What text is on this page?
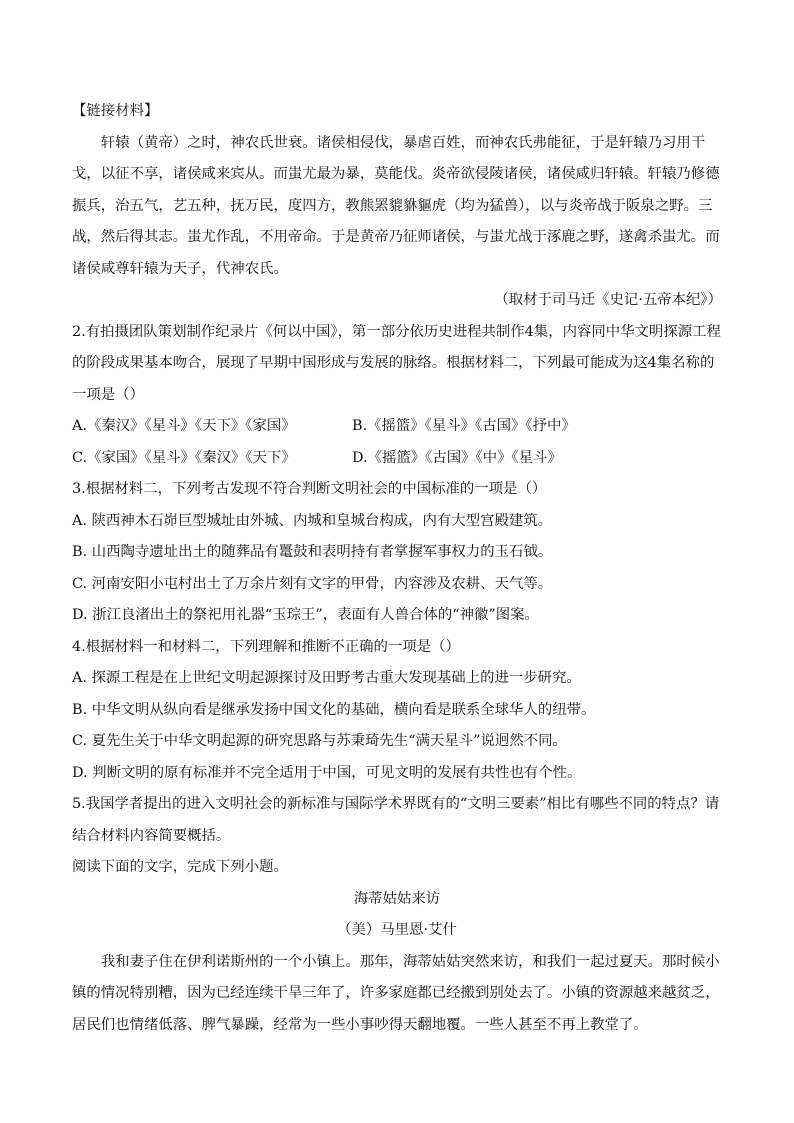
【链接材料】

轩辕（黄帝）之时，神农氏世衰。诸侯相侵伐，暴虐百姓，而神农氏弗能征，于是轩辕乃习用干戈，以征不享，诸侯咸来宾从。而蚩尤最为暴，莫能伐。炎帝欲侵陵诸侯，诸侯咸归轩辕。轩辕乃修德振兵，治五气，艺五种，抚万民，度四方，教熊罴貔貅貙虎（均为猛兽），以与炎帝战于阪泉之野。三战，然后得其志。蚩尤作乱，不用帝命。于是黄帝乃征师诸侯，与蚩尤战于涿鹿之野，遂禽杀蚩尤。而诸侯咸尊轩辕为天子，代神农氏。

（取材于司马迁《史记·五帝本纪》）

2.有拍摄团队策划制作纪录片《何以中国》，第一部分依历史进程共制作4集，内容同中华文明探源工程的阶段成果基本吻合，展现了早期中国形成与发展的脉络。根据材料二，下列最可能成为这4集名称的一项是（）

A.《秦汉》《星斗》《天下》《家国》	B.《摇篮》《星斗》《古国》《抒中》
C.《家国》《星斗》《秦汉》《天下》	D.《摇篮》《古国》《中》《星斗》

3.根据材料二，下列考古发现不符合判断文明社会的中国标准的一项是（）

A. 陕西神木石峁巨型城址由外城、内城和皇城台构成，内有大型宫殿建筑。

B. 山西陶寺遗址出土的随葬品有鼍鼓和表明持有者掌握军事权力的玉石钺。

C. 河南安阳小屯村出土了万余片刻有文字的甲骨，内容涉及农耕、天气等。

D. 浙江良渚出土的祭祀用礼器“玉琮王”，表面有人兽合体的“神徽”图案。

4.根据材料一和材料二，下列理解和推断不正确的一项是（）

A. 探源工程是在上世纪文明起源探讨及田野考古重大发现基础上的进一步研究。

B. 中华文明从纵向看是继承发扬中国文化的基础，横向看是联系全球华人的纽带。

C. 夏先生关于中华文明起源的研究思路与苏秉琦先生“满天星斗”说迥然不同。

D. 判断文明的原有标准并不完全适用于中国，可见文明的发展有共性也有个性。

5.我国学者提出的进入文明社会的新标准与国际学术界既有的“文明三要素”相比有哪些不同的特点？请结合材料内容简要概括。

阅读下面的文字，完成下列小题。

海蒂姑姑来访

（美）马里恩·艾什

我和妻子住在伊利诺斯州的一个小镇上。那年，海蒂姑姑突然来访，和我们一起过夏天。那时候小镇的情况特别糟，因为已经连续干旱三年了，许多家庭都已经搬到别处去了。小镇的资源越来越贫乏，居民们也情绪低落、脾气暴躁，经常为一些小事吵得天翻地覆。一些人甚至不再上教堂了。
